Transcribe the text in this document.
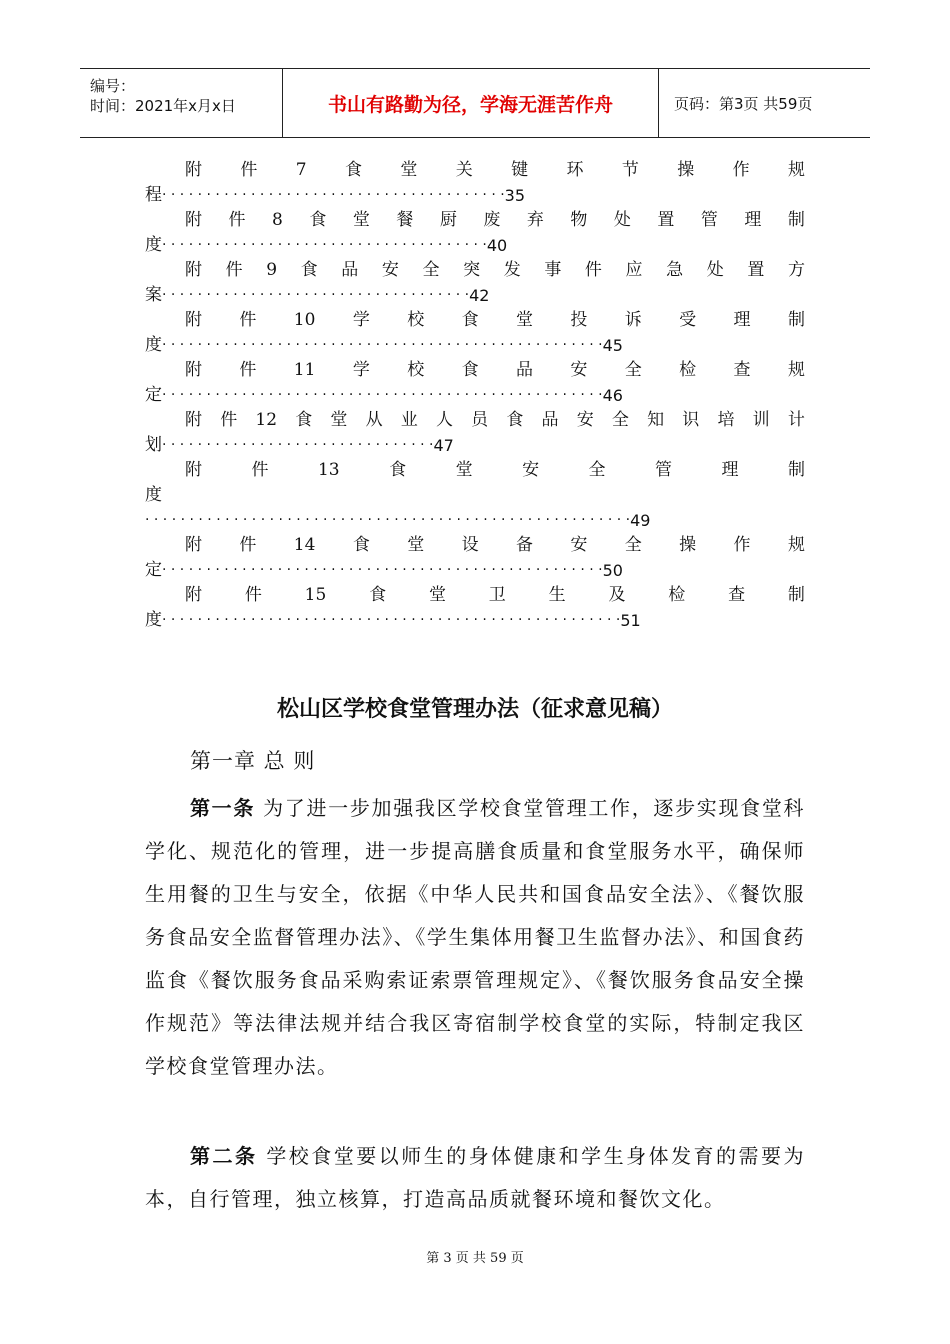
编号：
时间：2021年x月x日	书山有路勤为径，学海无涯苦作舟	页码：第3页 共59页
附 件 7 食 堂 关 键 环 节 操 作 规
程 · · · · · · · · · · · · · · · · · · · · · · · · · · · · · · · · · · · · · · · 35
附 件 8 食 堂 餐 厨 废 弃 物 处 置 管 理 制
度 · · · · · · · · · · · · · · · · · · · · · · · · · · · · · · · · · · · · · 40
附 件 9 食 品 安 全 突 发 事 件 应 急 处 置 方
案 · · · · · · · · · · · · · · · · · · · · · · · · · · · · · · · · · · · 42
附 件 10 学 校 食 堂 投 诉 受 理 制
度 · · · · · · · · · · · · · · · · · · · · · · · · · · · · · · · · · · · · · · · · · · · · · · · · · · 45
附 件 11 学 校 食 品 安 全 检 查 规
定 · · · · · · · · · · · · · · · · · · · · · · · · · · · · · · · · · · · · · · · · · · · · · · · · · · 46
附 件 12 食 堂 从 业 人 员 食 品 安 全 知 识 培 训 计
划 · · · · · · · · · · · · · · · · · · · · · · · · · · · · · · · 47
附	件	13	食	堂	安	全	管	理	制
度
· · · · · · · · · · · · · · · · · · · · · · · · · · · · · · · · · · · · · · · · · · · · · · · · · · · · · · · 49
附 件 14 食 堂 设 备 安 全 操 作 规
定 · · · · · · · · · · · · · · · · · · · · · · · · · · · · · · · · · · · · · · · · · · · · · · · · · · 50
附	件	15	食	堂	卫	生	及	检	查	制
度 · · · · · · · · · · · · · · · · · · · · · · · · · · · · · · · · · · · · · · · · · · · · · · · · · · · · 51
松山区学校食堂管理办法（征求意见稿）
第一章 总 则
第一条 为了进一步加强我区学校食堂管理工作，逐步实现食堂科学化、规范化的管理，进一步提高膳食质量和食堂服务水平，确保师生用餐的卫生与安全，依据《中华人民共和国食品安全法》、《餐饮服务食品安全监督管理办法》、《学生集体用餐卫生监督办法》、和国食药监食《餐饮服务食品采购索证索票管理规定》、《餐饮服务食品安全操作规范》等法律法规并结合我区寄宿制学校食堂的实际，特制定我区学校食堂管理办法。
第二条 学校食堂要以师生的身体健康和学生身体发育的需要为本，自行管理，独立核算，打造高品质就餐环境和餐饮文化。
第 3 页 共 59 页
